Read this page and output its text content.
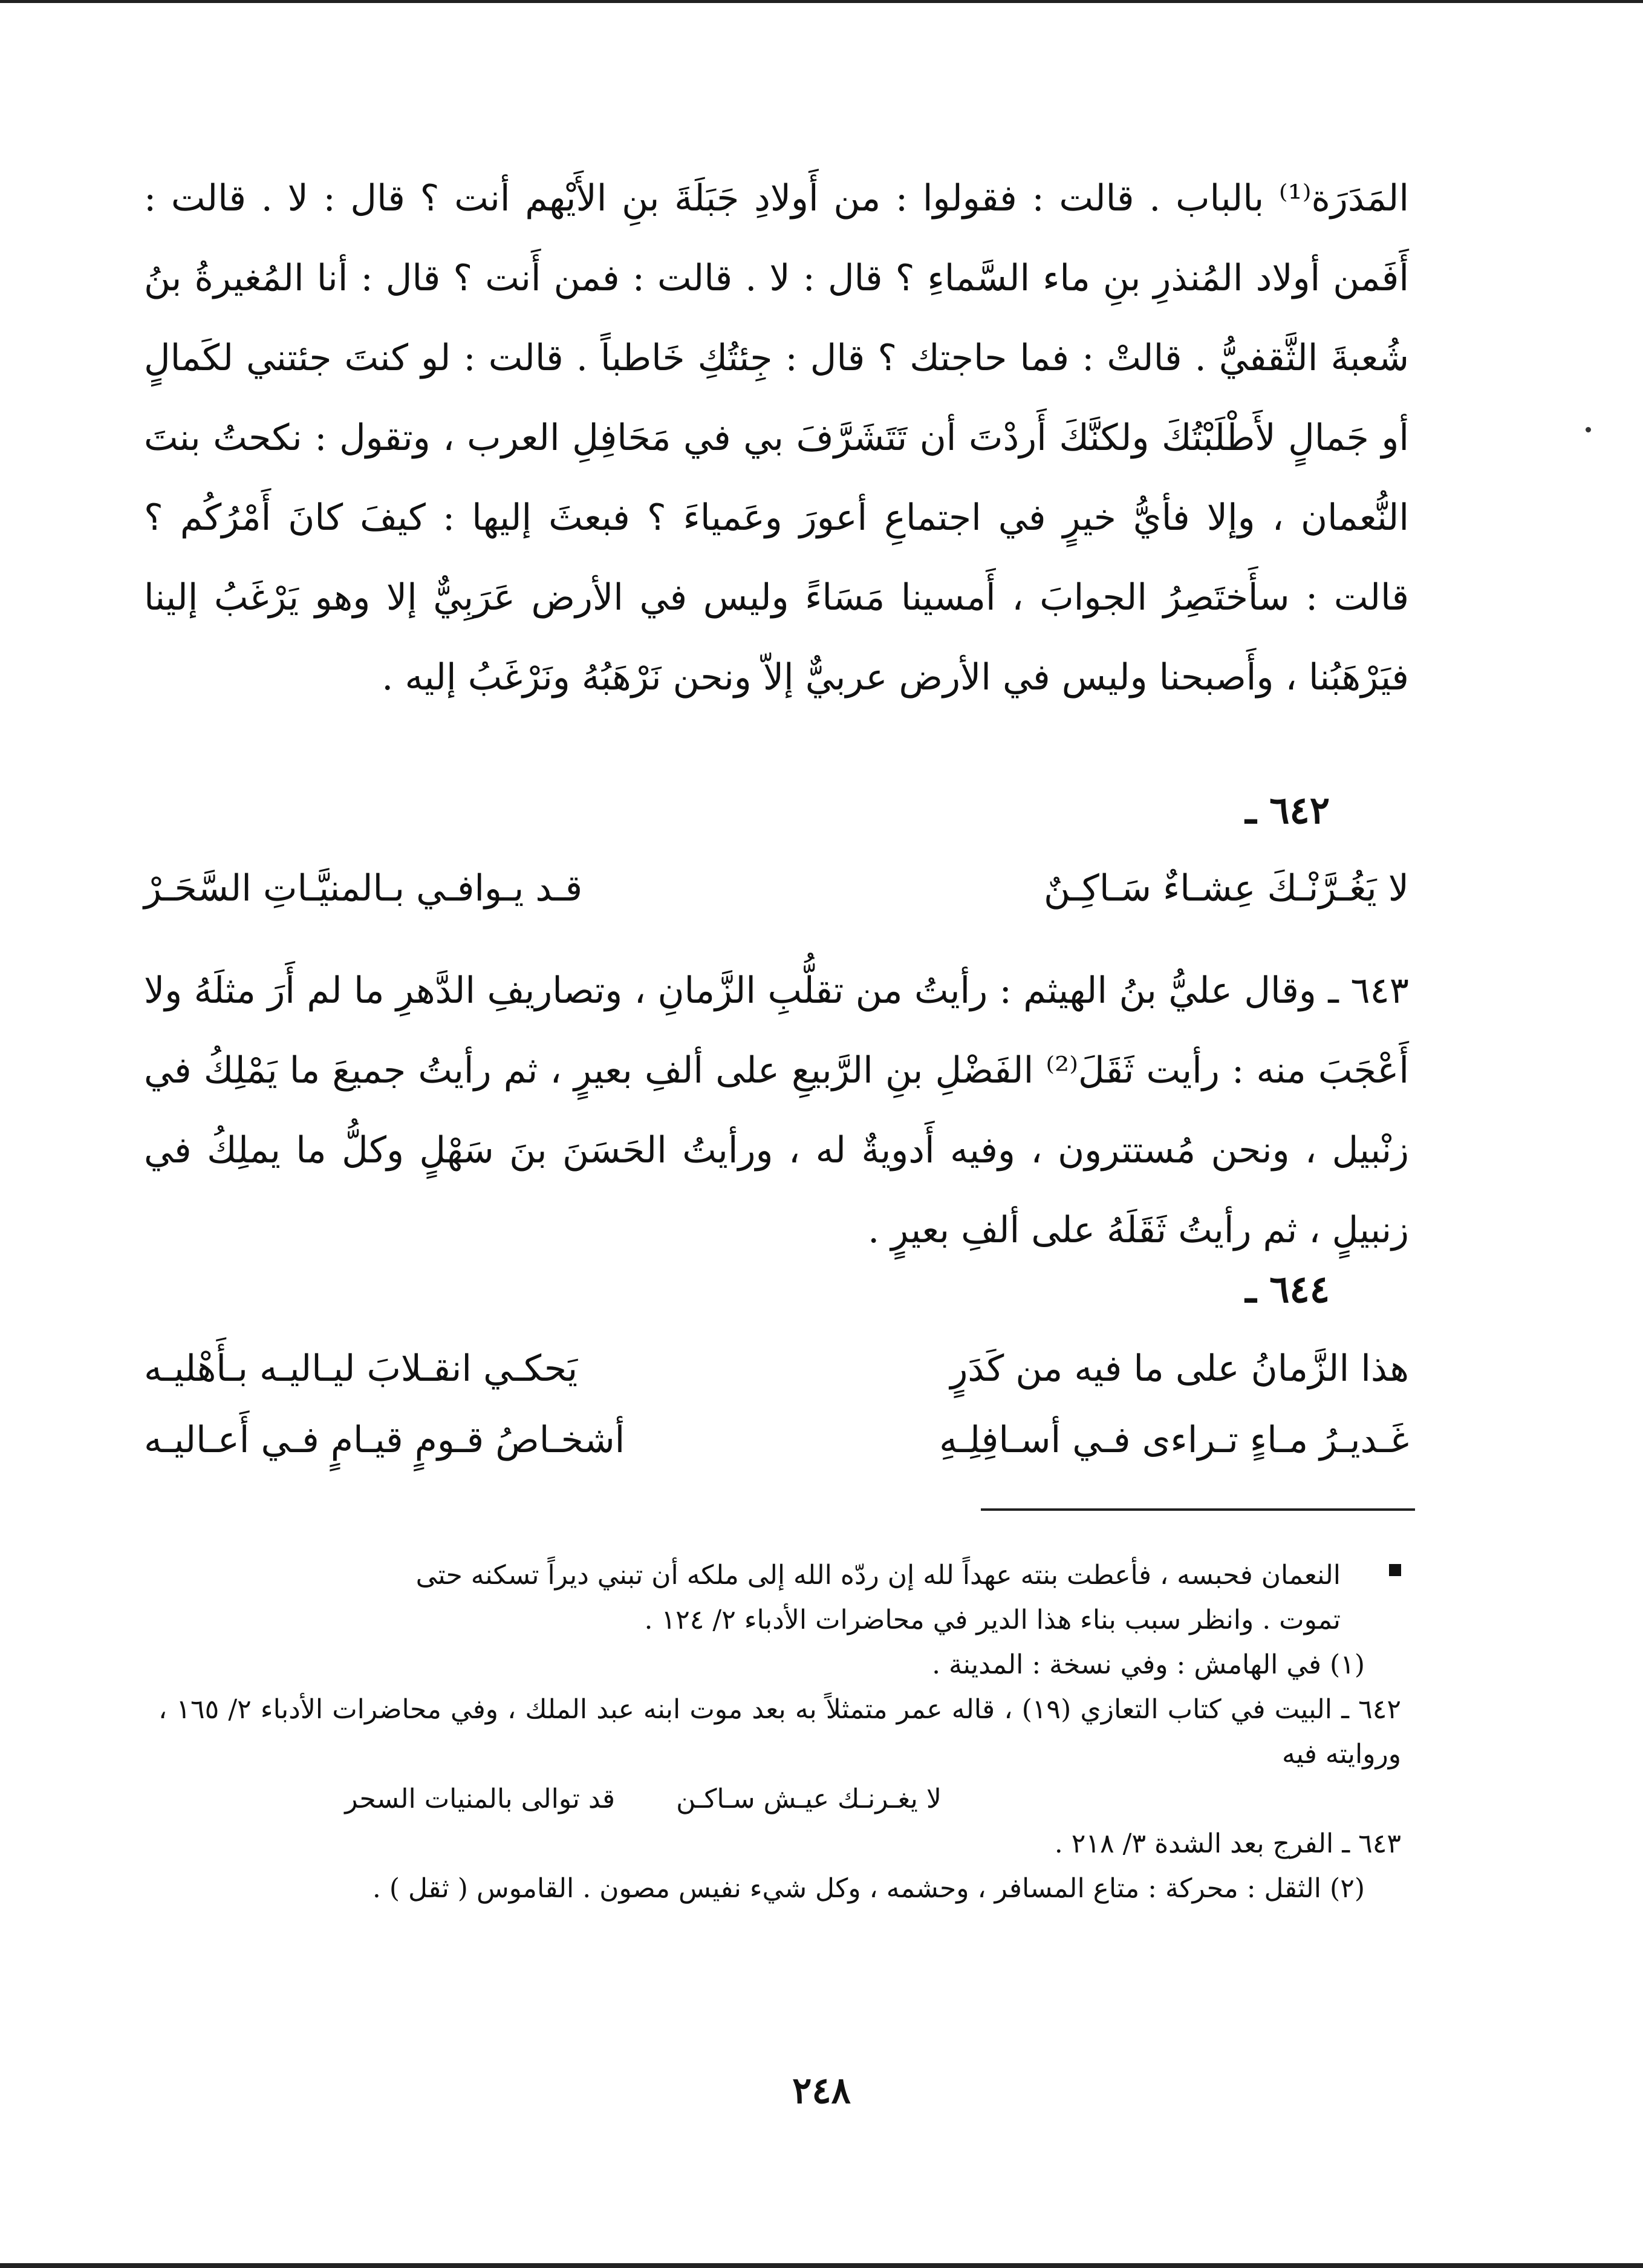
المَدَرَة⁽¹⁾ بالباب . قالت : فقولوا : من أَولادِ جَبَلَةَ بنِ الأَيْهم أنت ؟ قال : لا . قالت : أَفَمن أولاد المُنذرِ بنِ ماء السَّماءِ ؟ قال : لا . قالت : فمن أَنت ؟ قال : أنا المُغيرةُ بنُ شُعبةَ الثَّقفيُّ . قالتْ : فما حاجتك ؟ قال : جِئتُكِ خَاطباً . قالت : لو كنتَ جئتني لكَمالٍ أو جَمالٍ لأَطْلَبْتُكَ ولكنَّكَ أَردْتَ أن تَتَشَرَّفَ بي في مَحَافِلِ العرب ، وتقول : نكحتُ بنتَ النُّعمان ، وإلا فأيُّ خيرٍ في اجتماعِ أعورَ وعَمياءَ ؟ فبعثَ إليها : كيفَ كانَ أَمْرُكُم ؟ قالت : سأَختَصِرُ الجوابَ ، أَمسينا مَسَاءً وليس في الأرض عَرَبِيٌّ إلا وهو يَرْغَبُ إلينا فيَرْهَبُنا ، وأَصبحنا وليس في الأرض عربيٌّ إلاّ ونحن نَرْهَبُهُ ونَرْغَبُ إليه .

٦٤٢ ـ
لا يَغُـرَّنْـكَ عِشـاءٌ سَـاكِـنٌ
قـد يـوافـي بـالمنيَّـاتِ السَّحَـرْ

٦٤٣ ـ وقال عليُّ بنُ الهيثم : رأيتُ من تقلُّبِ الزَّمانِ ، وتصاريفِ الدَّهرِ ما لم أَرَ مثلَهُ ولا أَعْجَبَ منه : رأيت ثَقَلَ⁽²⁾ الفَضْلِ بنِ الرَّبيعِ على ألفِ بعيرٍ ، ثم رأيتُ جميعَ ما يَمْلِكُ في زنْبيل ، ونحن مُستترون ، وفيه أَدويةٌ له ، ورأيتُ الحَسَنَ بنَ سَهْلٍ وكلُّ ما يملِكُ في زنبيلٍ ، ثم رأيتُ ثَقَلَهُ على ألفِ بعيرٍ .

٦٤٤ ـ
هذا الزَّمانُ على ما فيه من كَدَرٍ
يَحكـي انقـلابَ ليـاليـه بـأَهْليـه
غَـديـرُ مـاءٍ تـراءى فـي أسـافِلِـهِ
أشخـاصُ قـومٍ قيـامٍ فـي أَعـاليـه

النعمان فحبسه ، فأعطت بنته عهداً لله إن ردّه الله إلى ملكه أن تبني ديراً تسكنه حتى

تموت . وانظر سبب بناء هذا الدير في محاضرات الأدباء ٢/ ١٢٤ .

(١) في الهامش : وفي نسخة : المدينة .

٦٤٢ ـ البيت في كتاب التعازي (١٩) ، قاله عمر متمثلاً به بعد موت ابنه عبد الملك ، وفي محاضرات الأدباء ٢/ ١٦٥ ، وروايته فيه

لا يغـرنـك عيـش سـاكـن
قد توالى بالمنيات السحر

٦٤٣ ـ الفرج بعد الشدة ٣/ ٢١٨ .

(٢) الثقل : محركة : متاع المسافر ، وحشمه ، وكل شيء نفيس مصون . القاموس ( ثقل ) .

٢٤٨
